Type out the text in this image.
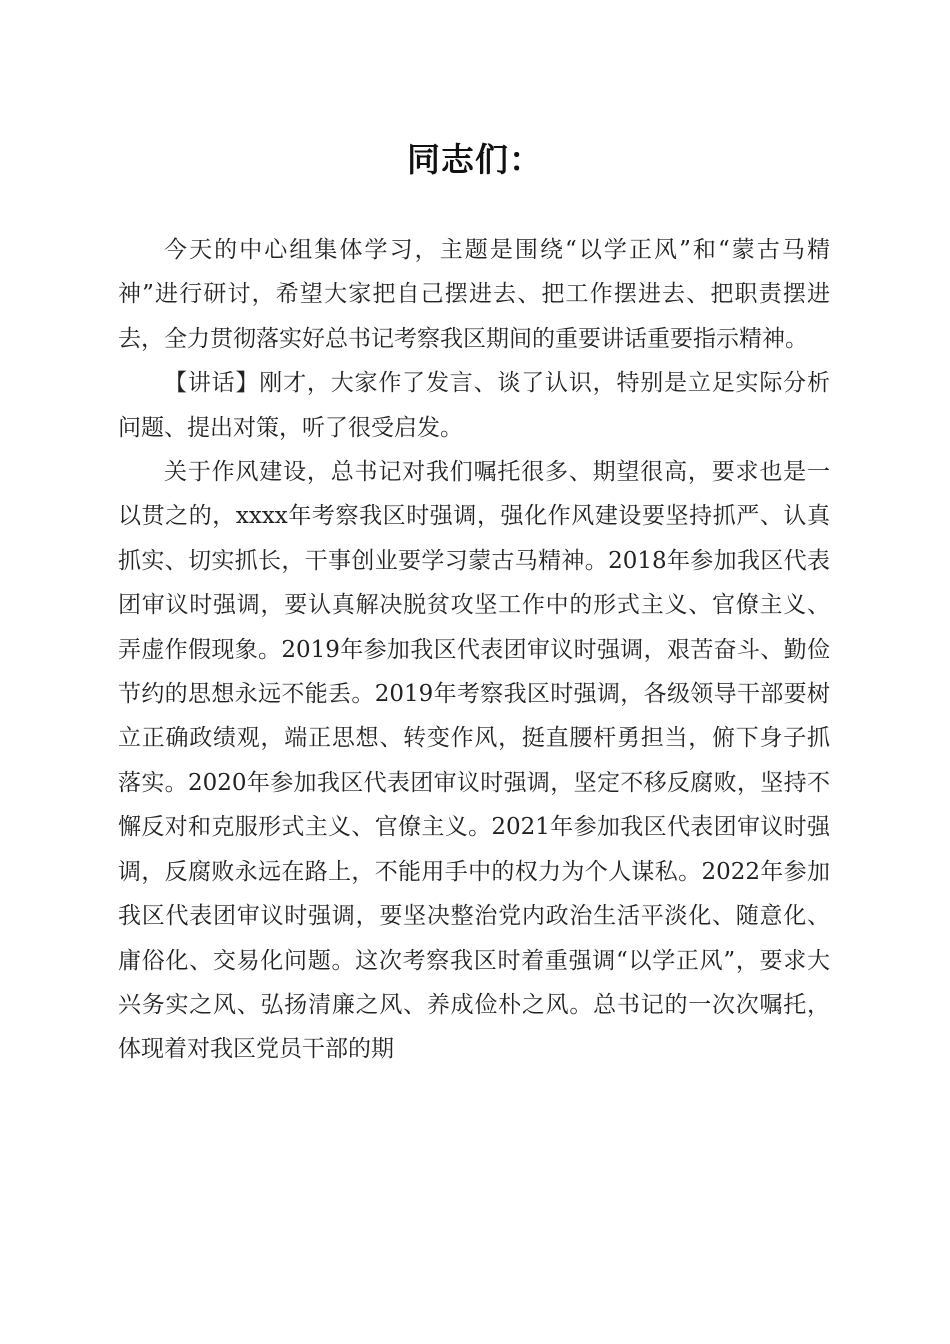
同志们：

今天的中心组集体学习，主题是围绕“以学正风”和“蒙古马精神”进行研讨，希望大家把自己摆进去、把工作摆进去、把职责摆进去，全力贯彻落实好总书记考察我区期间的重要讲话重要指示精神。

【讲话】刚才，大家作了发言、谈了认识，特别是立足实际分析问题、提出对策，听了很受启发。

关于作风建设，总书记对我们嘱托很多、期望很高，要求也是一以贯之的，xxxx年考察我区时强调，强化作风建设要坚持抓严、认真抓实、切实抓长，干事创业要学习蒙古马精神。2018年参加我区代表团审议时强调，要认真解决脱贫攻坚工作中的形式主义、官僚主义、弄虚作假现象。2019年参加我区代表团审议时强调，艰苦奋斗、勤俭节约的思想永远不能丢。2019年考察我区时强调，各级领导干部要树立正确政绩观，端正思想、转变作风，挺直腰杆勇担当，俯下身子抓落实。2020年参加我区代表团审议时强调，坚定不移反腐败，坚持不懈反对和克服形式主义、官僚主义。2021年参加我区代表团审议时强调，反腐败永远在路上，不能用手中的权力为个人谋私。2022年参加我区代表团审议时强调，要坚决整治党内政治生活平淡化、随意化、庸俗化、交易化问题。这次考察我区时着重强调“以学正风”，要求大兴务实之风、弘扬清廉之风、养成俭朴之风。总书记的一次次嘱托，体现着对我区党员干部的期
